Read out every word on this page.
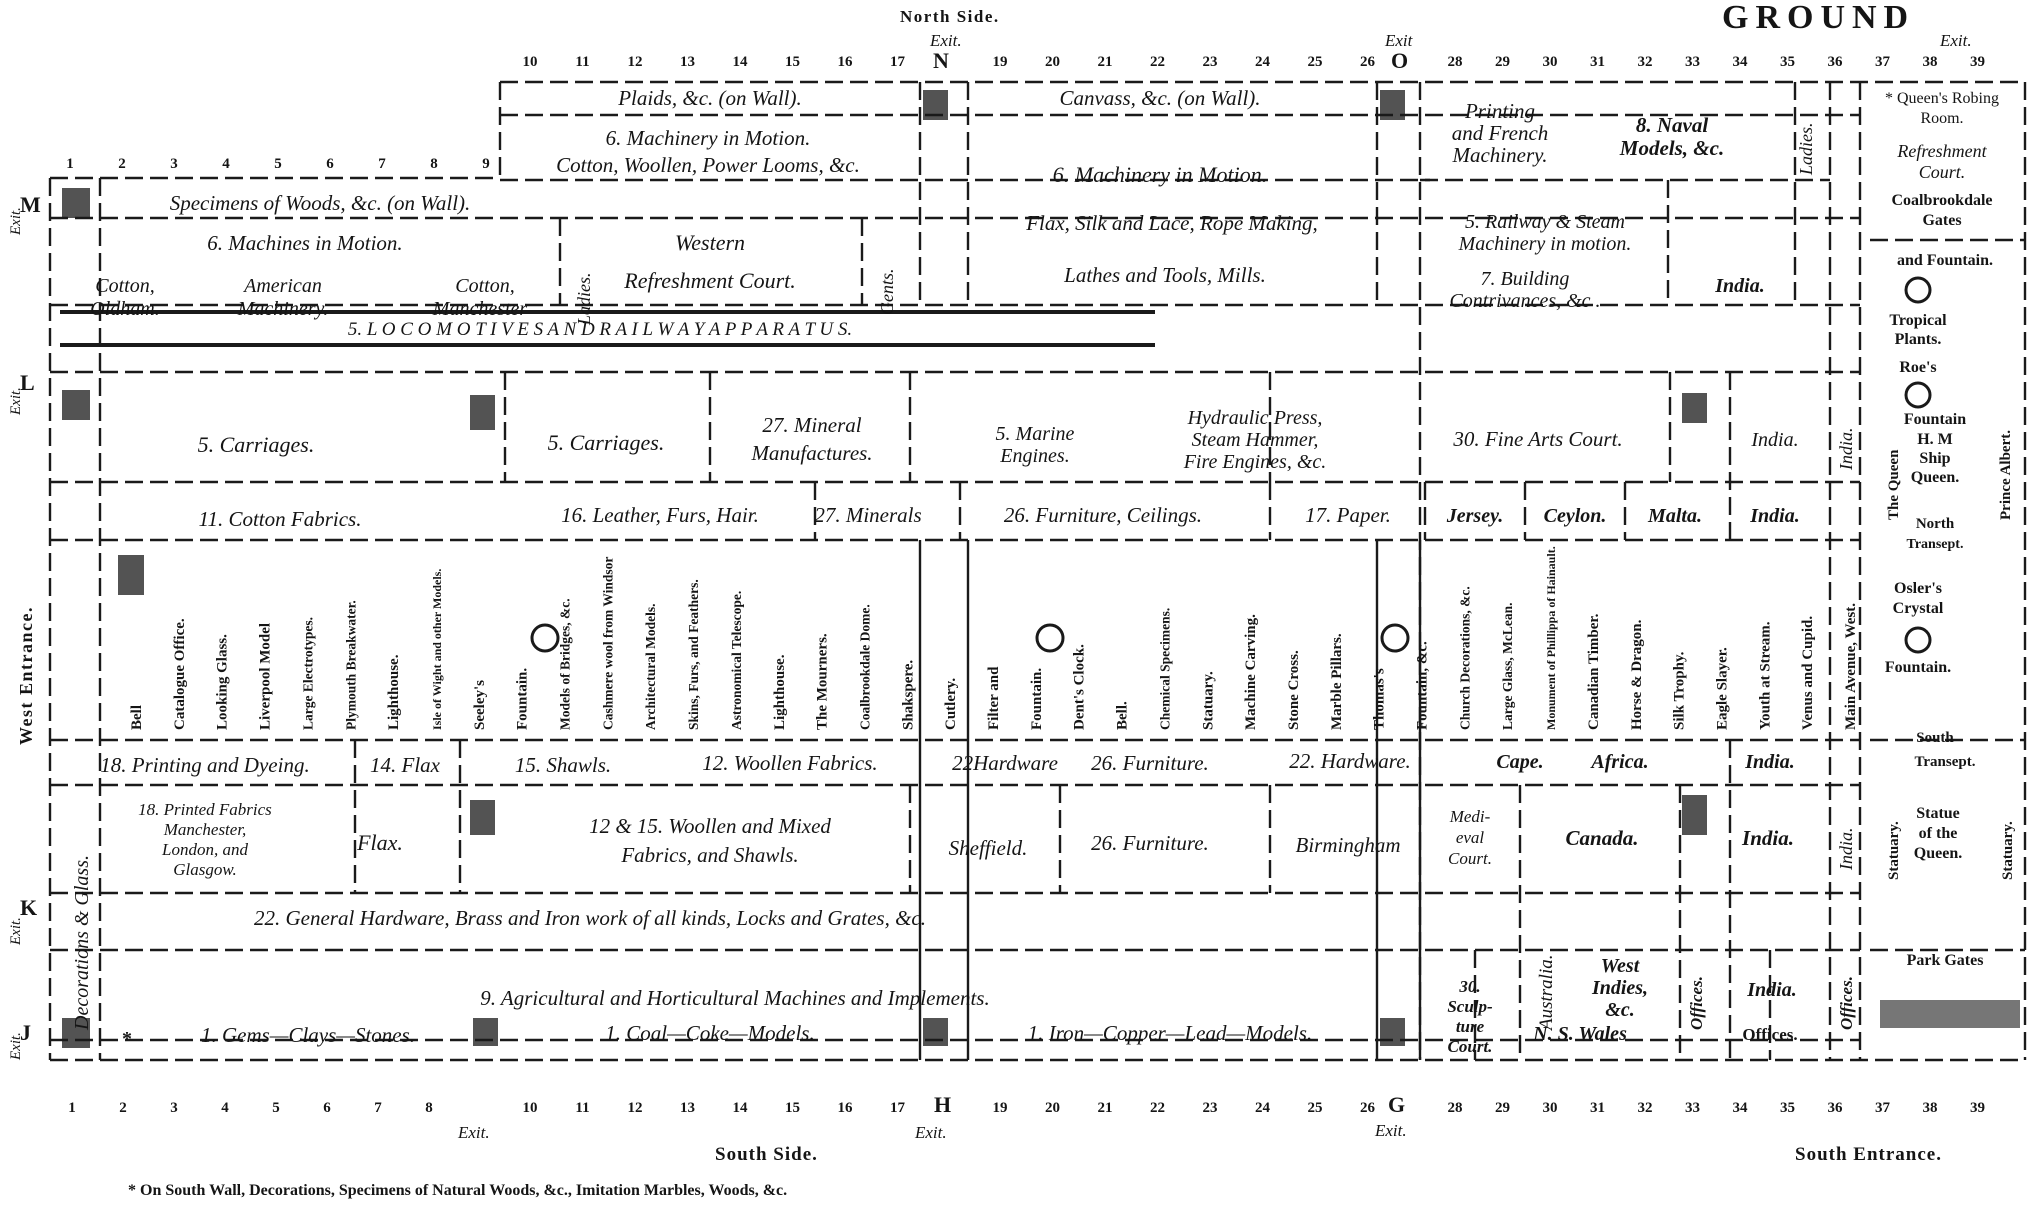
North Side.	GROUND
Exit.	Exit	Exit.
N	O
1	2	3	4	5	6	7	8	9
10	11	12	13	14	15	16	17	19	20	21	22	23	24	25	26	28 29 30 31 32 33 34 35 36 37 38 39
1	2	3	4	5	6	7	8	10	11	12	13	14	15	16	17	19	20	21	22	23	24	25	26	28 29 30 31 32 33 34 35 36 37 38 39
M
Exit.
L
Exit.
K
Exit.
J
Exit.
West Entrance.
Plaids, &c. (on Wall).
6. Machinery in Motion.
Cotton, Woollen, Power Looms, &c.
Canvass, &c. (on Wall).
6. Machinery in Motion.
Flax, Silk and Lace, Rope Making,
Lathes and Tools, Mills.
Printing
and French
Machinery.
8. Naval
Models, &c.	Ladies.
5. Railway & Steam
Machinery in motion.
7. Building
Contrivances, &c .
India.
Specimens of Woods, &c. (on Wall).
6. Machines in Motion.
Cotton,
Oldham.
American
Machinery.
Cotton,
Manchester	Ladies.
Western
Refreshment Court.	Gents.
5. L O C O M O T I V E S A N D R A I L W A Y A P P A R A T U S.
5. Carriages.	5. Carriages.
27. Mineral
Manufactures.
5. Marine
Engines.
Hydraulic Press,
Steam Hammer,
Fire Engines, &c.
30. Fine Arts Court.	India. India.
11. Cotton Fabrics.	16. Leather, Furs, Hair.	27. Minerals	26. Furniture, Ceilings.	17. Paper.	Jersey. Ceylon. Malta. India.
Bell Catalogue Office. Looking Glass. Liverpool Model Large Electrotypes. Plymouth Breakwater. Lighthouse. Isle of Wight and other Models. Seeley's Fountain. Models of Bridges, &c. Cashmere wool from Windsor Architectural Models. Skins, Furs, and Feathers. Astronomical Telescope. Lighthouse. The Mourners. Coalbrookdale Dome. Shakspere. Cutlery. Filter and Fountain. Dent's Clock. Bell. Chemical Specimens. Statuary. Machine Carving. Stone Cross. Marble Pillars. Thomas's Fountain, &c. Church Decorations, &c. Large Glass, McLean. Monument of Phillippa of Hainault. Canadian Timber. Horse & Dragon. Silk Trophy. Eagle Slayer. Youth at Stream. Venus and Cupid. Main Avenue, West.
18. Printing and Dyeing.	14. Flax	15. Shawls.	12. Woollen Fabrics.	22Hardware 26. Furniture.	22. Hardware.	Cape. Africa.	India.
18. Printed Fabrics
Manchester,
London, and
Glasgow.
Flax.
12 & 15. Woollen and Mixed
Fabrics, and Shawls.	Sheffield.	26. Furniture.	Birmingham
Medi-
eval
Court.
Canada.	India. India.
Decorations & Glass.	22. General Hardware, Brass and Iron work of all kinds, Locks and Grates, &c.
9. Agricultural and Horticultural Machines and Implements.	30.
Sculp-
ture
Court.
Australia. West
Indies,
&c.	Offices. India. Offices.
*	1. Gems—Clays—Stones.	1. Coal—Coke—Models.	1. Iron—Copper—Lead—Models.	N. S. Wales	Offices.
* Queen's Robing
Room.
Refreshment
Court.
Coalbrookdale
Gates
and Fountain.
Tropical
Plants.
Roe's
Fountain
H. M
Ship
Queen.
North
Transept.
The Queen	Prince Albert.
Osler's
Crystal
Fountain.
South
Transept.
Statue
of the
Queen.
Statuary.	Statuary.
Park Gates
H	G
Exit.	Exit.	Exit.
South Side.	South Entrance.
* On South Wall, Decorations, Specimens of Natural Woods, &c., Imitation Marbles, Woods, &c.
